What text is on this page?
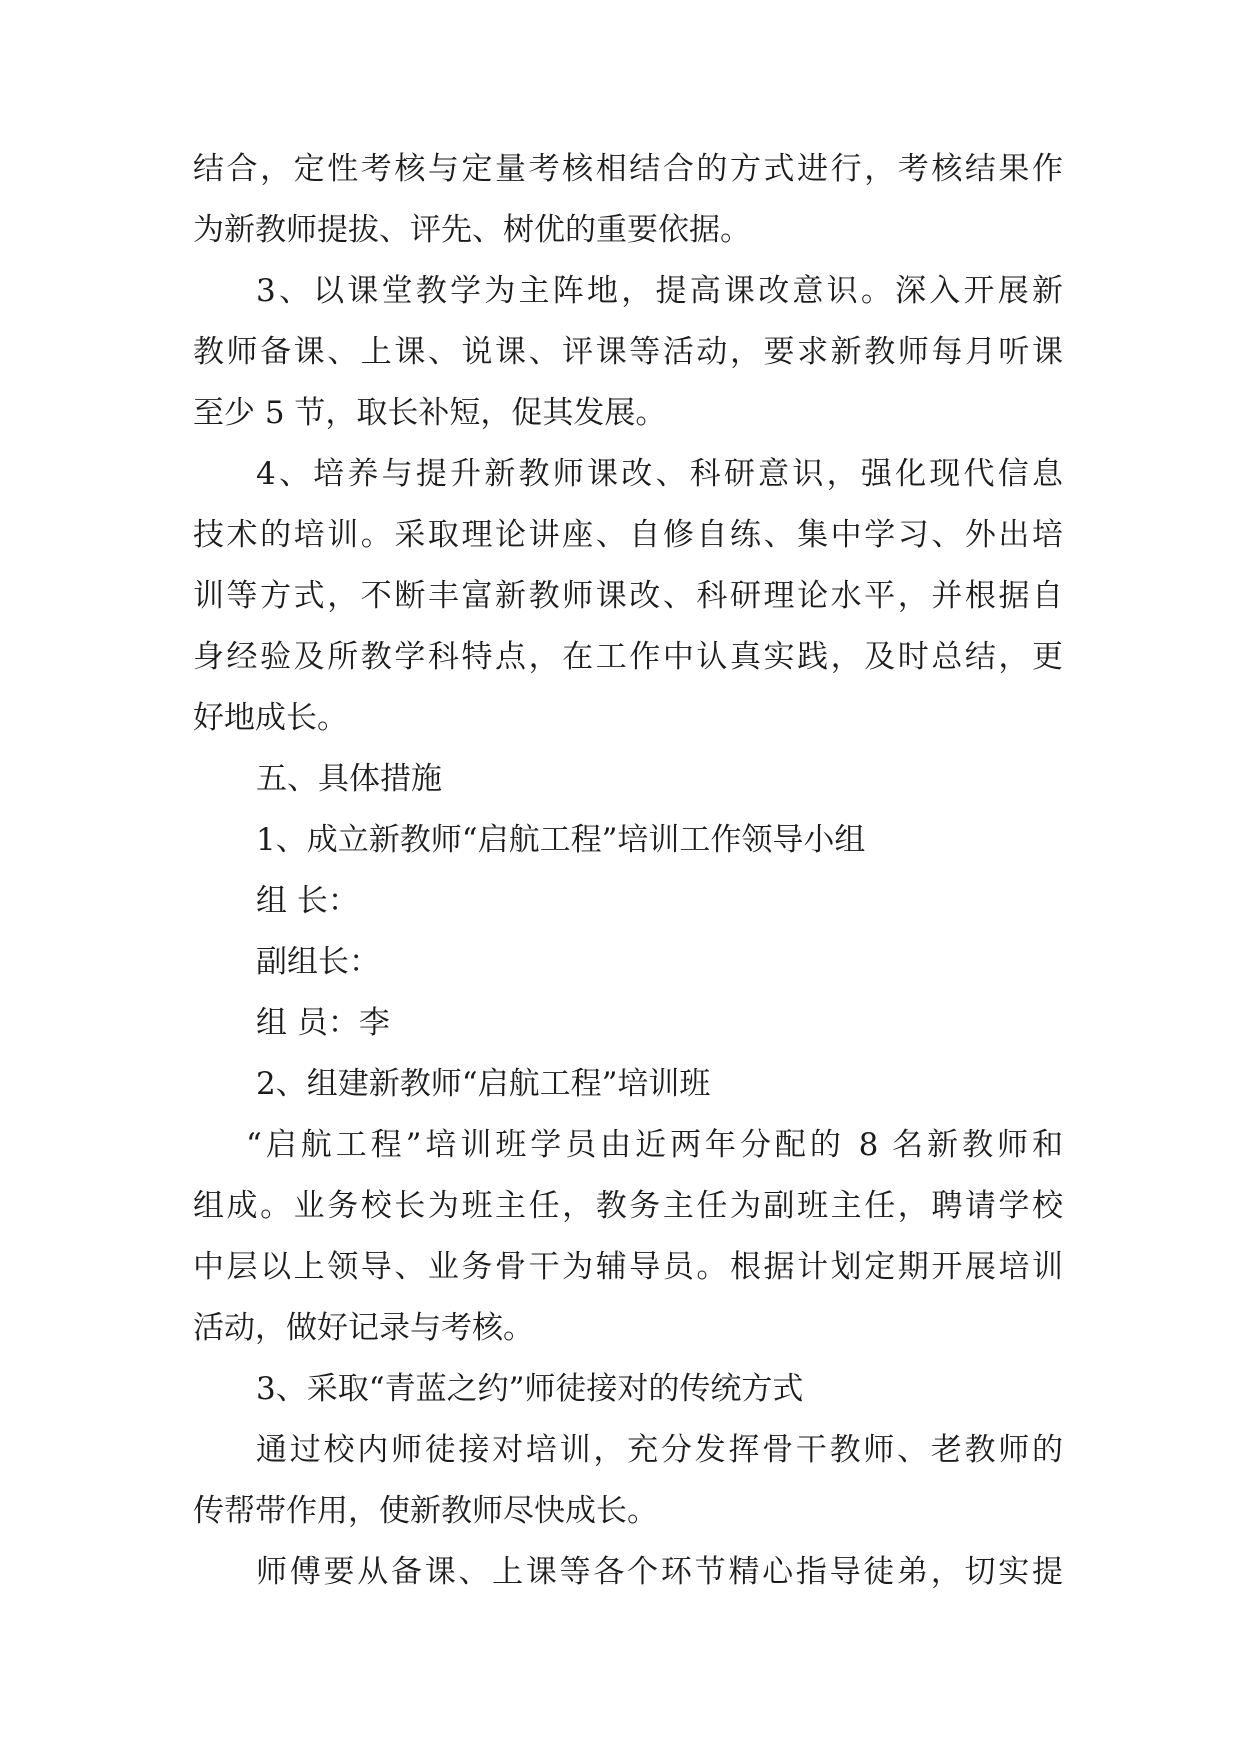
结合，定性考核与定量考核相结合的方式进行，考核结果作
为新教师提拔、评先、树优的重要依据。
3、以课堂教学为主阵地，提高课改意识。深入开展新
教师备课、上课、说课、评课等活动，要求新教师每月听课
至少 5 节，取长补短，促其发展。
4、培养与提升新教师课改、科研意识，强化现代信息
技术的培训。采取理论讲座、自修自练、集中学习、外出培
训等方式，不断丰富新教师课改、科研理论水平，并根据自
身经验及所教学科特点，在工作中认真实践，及时总结，更
好地成长。
五、具体措施
1、成立新教师“启航工程”培训工作领导小组
组 长：
副组长：
组 员：李
2、组建新教师“启航工程”培训班
“启航工程”培训班学员由近两年分配的 8 名新教师和
组成。业务校长为班主任，教务主任为副班主任，聘请学校
中层以上领导、业务骨干为辅导员。根据计划定期开展培训
活动，做好记录与考核。
3、采取“青蓝之约”师徒接对的传统方式
通过校内师徒接对培训，充分发挥骨干教师、老教师的
传帮带作用，使新教师尽快成长。
师傅要从备课、上课等各个环节精心指导徒弟，切实提
